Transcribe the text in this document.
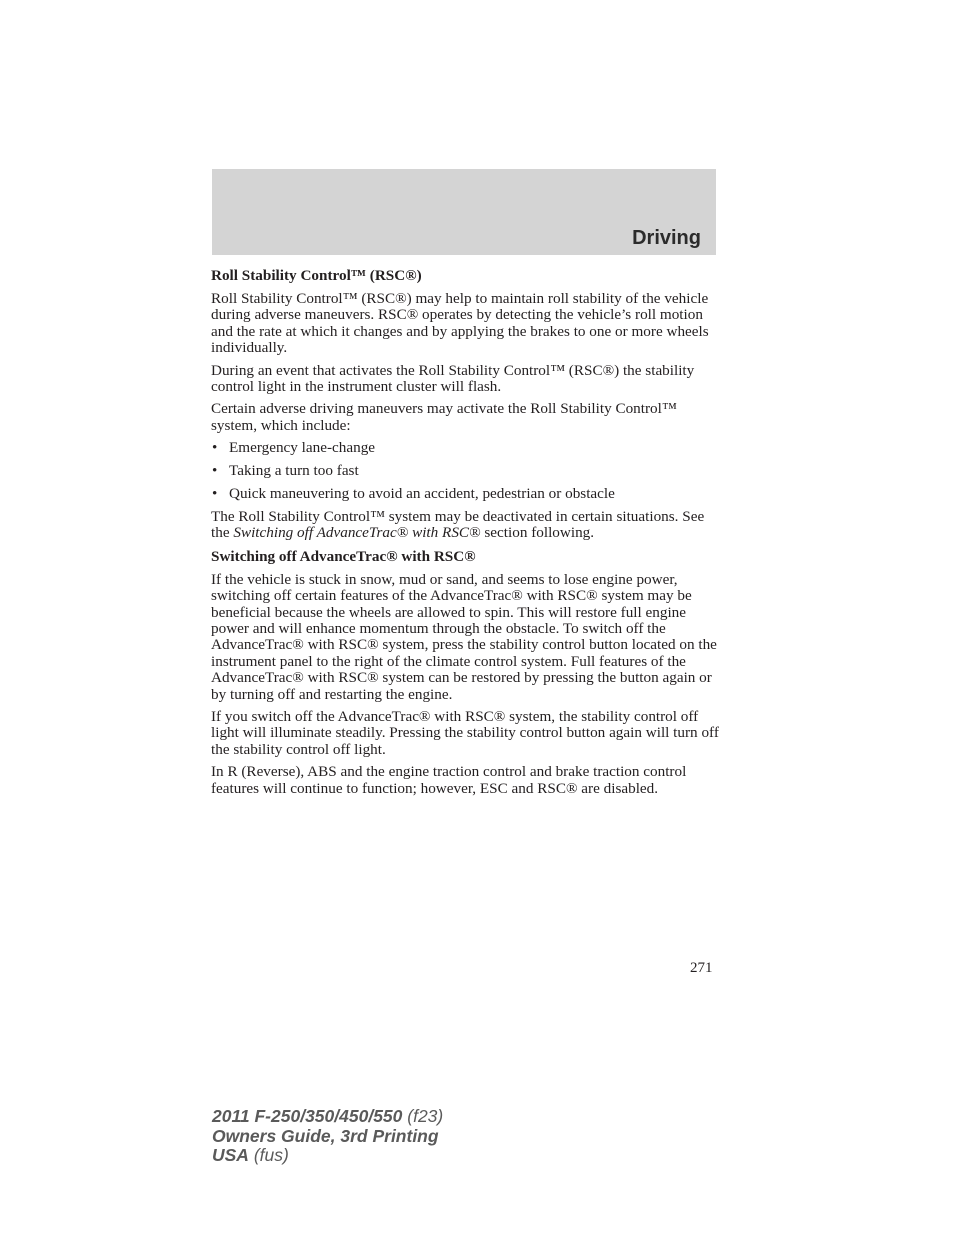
Driving
Roll Stability Control™ (RSC®)

Roll Stability Control™ (RSC®) may help to maintain roll stability of the vehicle during adverse maneuvers. RSC® operates by detecting the vehicle’s roll motion and the rate at which it changes and by applying the brakes to one or more wheels individually.

During an event that activates the Roll Stability Control™ (RSC®) the stability control light in the instrument cluster will flash.

Certain adverse driving maneuvers may activate the Roll Stability Control™ system, which include:

• Emergency lane-change
• Taking a turn too fast
• Quick maneuvering to avoid an accident, pedestrian or obstacle

The Roll Stability Control™ system may be deactivated in certain situations. See the Switching off AdvanceTrac® with RSC® section following.

Switching off AdvanceTrac® with RSC®

If the vehicle is stuck in snow, mud or sand, and seems to lose engine power, switching off certain features of the AdvanceTrac® with RSC® system may be beneficial because the wheels are allowed to spin. This will restore full engine power and will enhance momentum through the obstacle. To switch off the AdvanceTrac® with RSC® system, press the stability control button located on the instrument panel to the right of the climate control system. Full features of the AdvanceTrac® with RSC® system can be restored by pressing the button again or by turning off and restarting the engine.

If you switch off the AdvanceTrac® with RSC® system, the stability control off light will illuminate steadily. Pressing the stability control button again will turn off the stability control off light.

In R (Reverse), ABS and the engine traction control and brake traction control features will continue to function; however, ESC and RSC® are disabled.

271
2011 F-250/350/450/550 (f23)
Owners Guide, 3rd Printing
USA (fus)
